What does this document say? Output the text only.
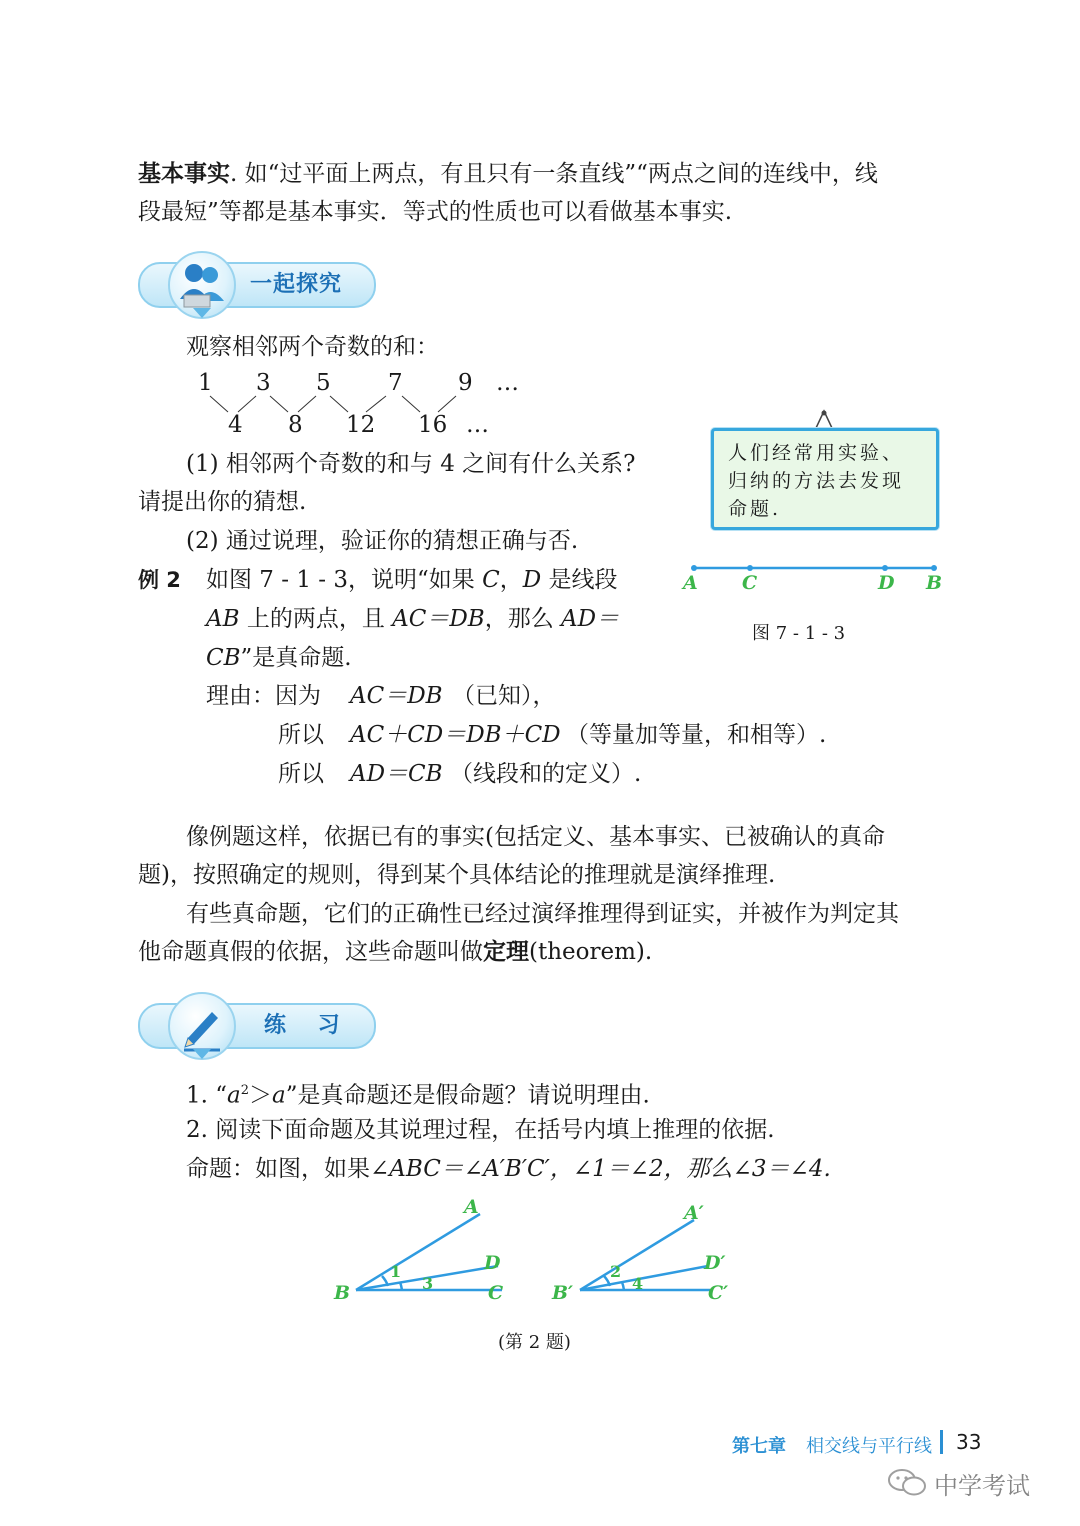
基本事实. 如“过平面上两点，有且只有一条直线”“两点之间的连线中，线
段最短”等都是基本事实．等式的性质也可以看做基本事实.
一起探究
观察相邻两个奇数的和：
1 3 5 7 9 …
4 8 12 16 …
(1) 相邻两个奇数的和与 4 之间有什么关系?
请提出你的猜想.
(2) 通过说理，验证你的猜想正确与否.
人们经常用实验、归纳的方法去发现命题.
A C	D B
图 7 - 1 - 3
例 2 如图 7 - 1 - 3，说明“如果 C，D 是线段
AB 上的两点，且 AC＝DB，那么 AD＝
CB”是真命题.
理由：因为 AC＝DB （已知），
所以 AC＋CD＝DB＋CD （等量加等量，和相等）.
所以 AD＝CB （线段和的定义）.
像例题这样，依据已有的事实(包括定义、基本事实、已被确认的真命
题)，按照确定的规则，得到某个具体结论的推理就是演绎推理.
有些真命题，它们的正确性已经过演绎推理得到证实，并被作为判定其
他命题真假的依据，这些命题叫做定理(theorem).
练 习
1. “$a^2>a$”是真命题还是假命题？请说明理由.
2. 阅读下面命题及其说理过程，在括号内填上推理的依据.
命题：如图，如果∠ABC＝∠A′B′C′，∠1＝∠2，那么∠3＝∠4.
A
D
B	C
1
3
A′
D′
B′	C′
2
4
(第 2 题)
第七章 相交线与平行线 33
中学考试
